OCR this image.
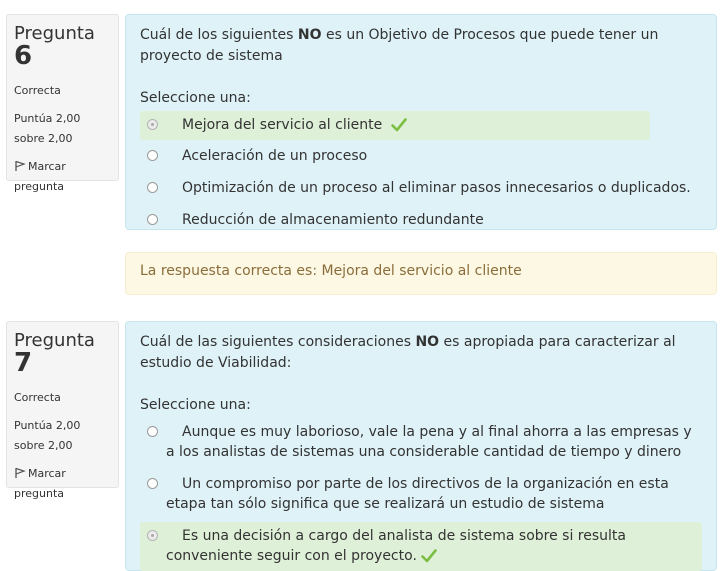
Pregunta 6
Correcta
Puntúa 2,00 sobre 2,00
Marcar pregunta

Cuál de los siguientes NO es un Objetivo de Procesos que puede tener un proyecto de sistema

Seleccione una:
Mejora del servicio al cliente
Aceleración de un proceso
Optimización de un proceso al eliminar pasos innecesarios o duplicados.
Reducción de almacenamiento redundante
La respuesta correcta es: Mejora del servicio al cliente
Pregunta 7
Correcta
Puntúa 2,00 sobre 2,00
Marcar pregunta

Cuál de las siguientes consideraciones NO es apropiada para caracterizar al estudio de Viabilidad:

Seleccione una:
Aunque es muy laborioso, vale la pena y al final ahorra a las empresas y a los analistas de sistemas una considerable cantidad de tiempo y dinero
Un compromiso por parte de los directivos de la organización en esta etapa tan sólo significa que se realizará un estudio de sistema
Es una decisión a cargo del analista de sistema sobre si resulta conveniente seguir con el proyecto.
